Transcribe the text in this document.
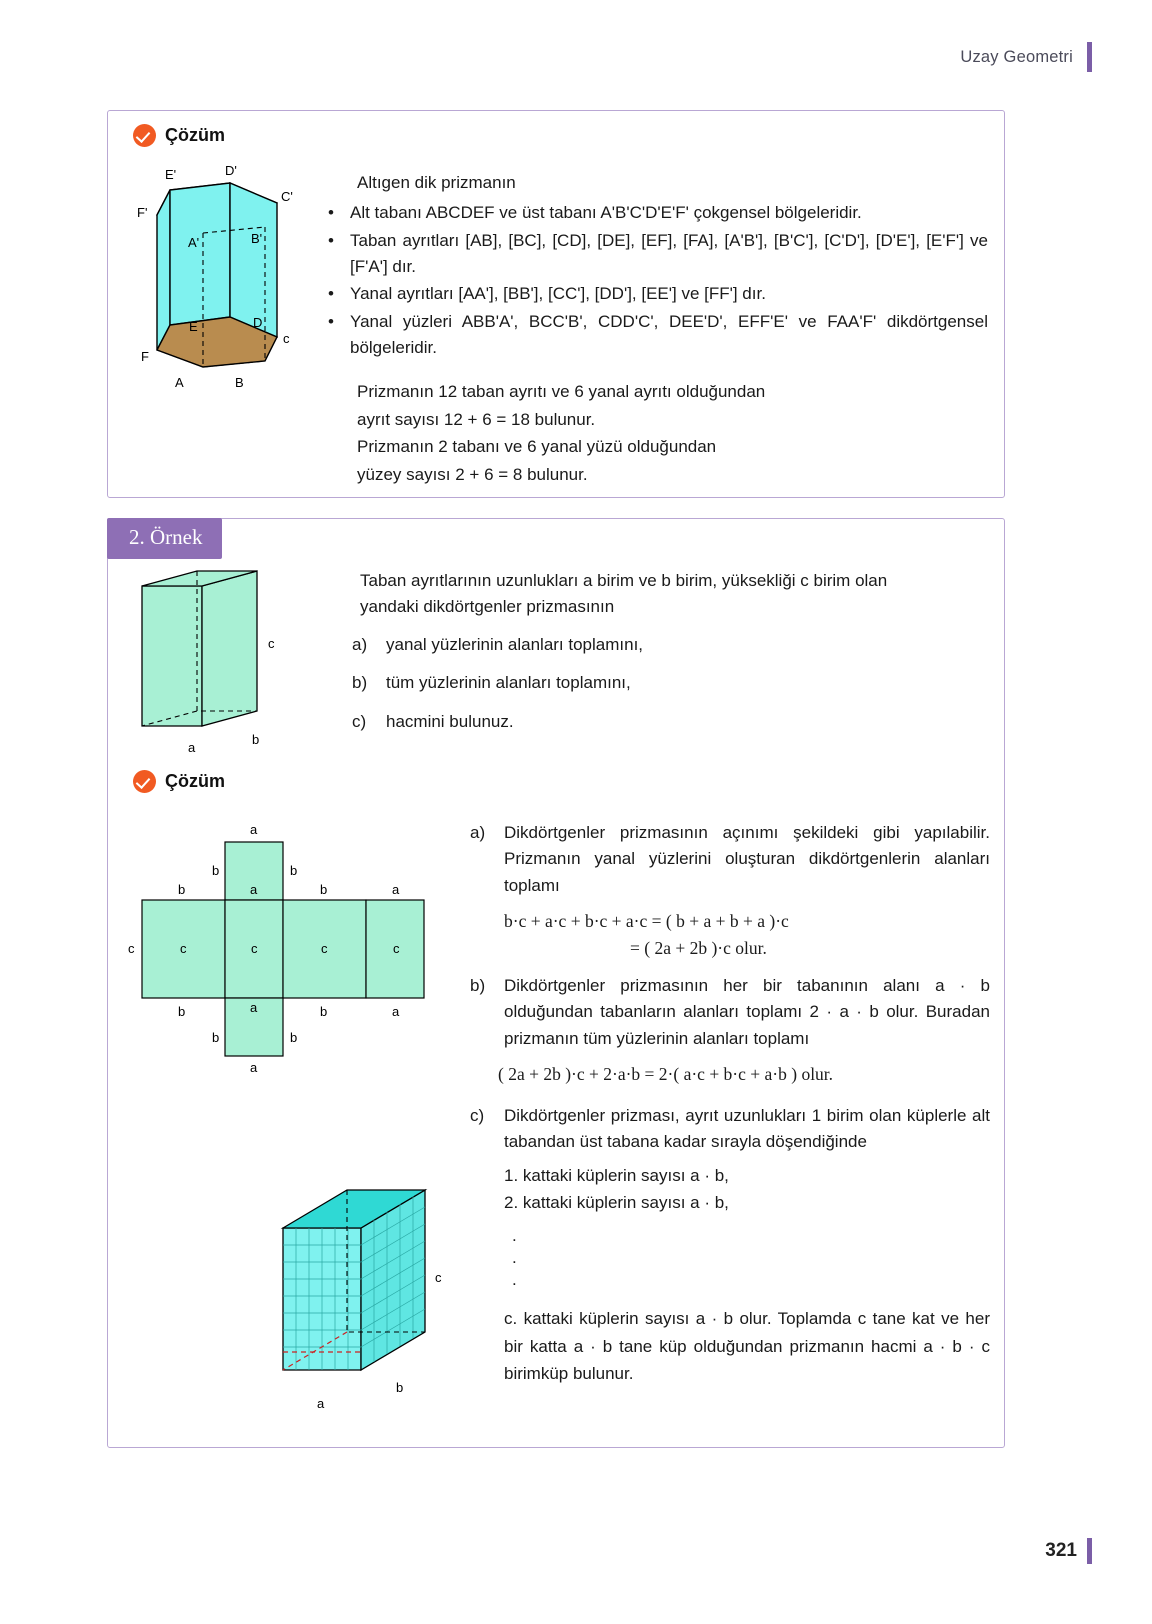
Uzay Geometri
Çözüm
E'	D'
C'
F'
A'	B'
E	D
c
F
A	B
Altıgen dik prizmanın
• Alt tabanı ABCDEF ve üst tabanı A'B'C'D'E'F' çokgensel bölgeleridir.
• Taban ayrıtları [AB], [BC], [CD], [DE], [EF], [FA], [A'B'], [B'C'], [C'D'], [D'E'], [E'F'] ve [F'A'] dır.
• Yanal ayrıtları [AA'], [BB'], [CC'], [DD'], [EE'] ve [FF'] dır.
• Yanal yüzleri ABB'A', BCC'B', CDD'C', DEE'D', EFF'E' ve FAA'F' dikdörtgensel bölgeleridir.
Prizmanın 12 taban ayrıtı ve 6 yanal ayrıtı olduğundan
ayrıt sayısı 12 + 6 = 18 bulunur.
Prizmanın 2 tabanı ve 6 yanal yüzü olduğundan
yüzey sayısı 2 + 6 = 8 bulunur.
2. Örnek
c
b
a
Taban ayrıtlarının uzunlukları a birim ve b birim, yüksekliği c birim olan
yandaki dikdörtgenler prizmasının
a)	yanal yüzlerinin alanları toplamını,
b)	tüm yüzlerinin alanları toplamını,
c)	hacmini bulunuz.
Çözüm
a
b	b
b	a	b	a
c	c	c	c	c
b	a	b	a
b	b
a
c
b
a
a)	Dikdörtgenler prizmasının açınımı şekildeki gibi yapılabilir. Prizmanın yanal yüzlerini oluşturan dikdörtgenlerin alanları toplamı
b·c + a·c + b·c + a·c = ( b + a + b + a )·c
= ( 2a + 2b )·c olur.
b)	Dikdörtgenler prizmasının her bir tabanının alanı a · b olduğundan tabanların alanları toplamı 2 · a · b olur. Buradan prizmanın tüm yüzlerinin alanları toplamı
( 2a + 2b )·c + 2·a·b = 2·( a·c + b·c + a·b ) olur.
c)	Dikdörtgenler prizması, ayrıt uzunlukları 1 birim olan küplerle alt tabandan üst tabana kadar sırayla döşendiğinde
1. kattaki küplerin sayısı a · b,
2. kattaki küplerin sayısı a · b,
.
.
.
c. kattaki küplerin sayısı a · b olur. Toplamda c tane kat ve her bir katta a · b tane küp olduğundan prizmanın hacmi a · b · c birimküp bulunur.
321
